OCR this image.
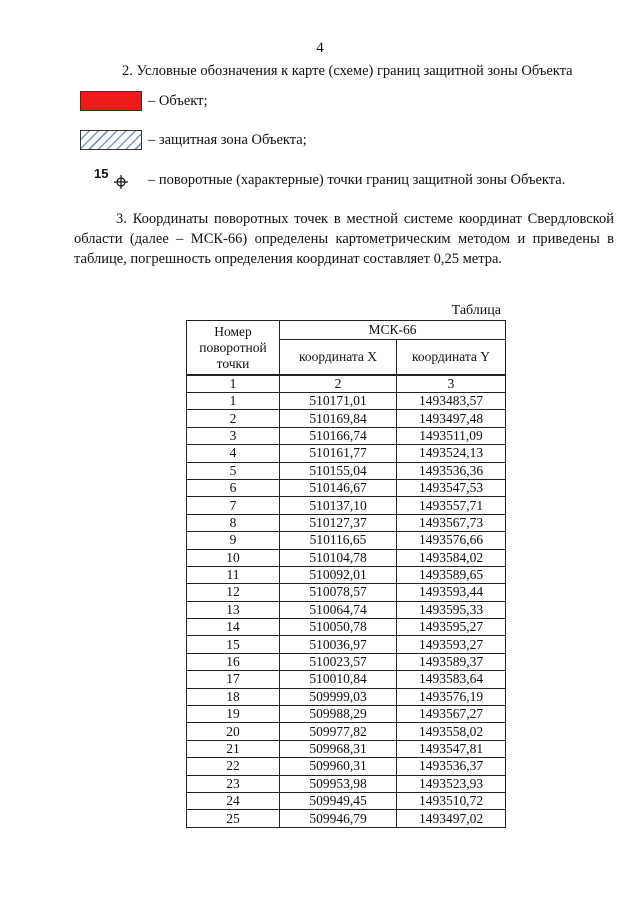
4
2. Условные обозначения к карте (схеме) границ защитной зоны Объекта
– Объект;
– защитная зона Объекта;
15	– поворотные (характерные) точки границ защитной зоны Объекта.
3. Координаты поворотных точек в местной системе координат Свердловской области (далее – МСК-66) определены картометрическим методом и приведены в таблице, погрешность определения координат составляет 0,25 метра.
Таблица
Номер поворотной точки	МСК-66	
	координата X	координата Y
1	2	3
1	510171,01	1493483,57
2	510169,84	1493497,48
3	510166,74	1493511,09
4	510161,77	1493524,13
5	510155,04	1493536,36
6	510146,67	1493547,53
7	510137,10	1493557,71
8	510127,37	1493567,73
9	510116,65	1493576,66
10	510104,78	1493584,02
11	510092,01	1493589,65
12	510078,57	1493593,44
13	510064,74	1493595,33
14	510050,78	1493595,27
15	510036,97	1493593,27
16	510023,57	1493589,37
17	510010,84	1493583,64
18	509999,03	1493576,19
19	509988,29	1493567,27
20	509977,82	1493558,02
21	509968,31	1493547,81
22	509960,31	1493536,37
23	509953,98	1493523,93
24	509949,45	1493510,72
25	509946,79	1493497,02
